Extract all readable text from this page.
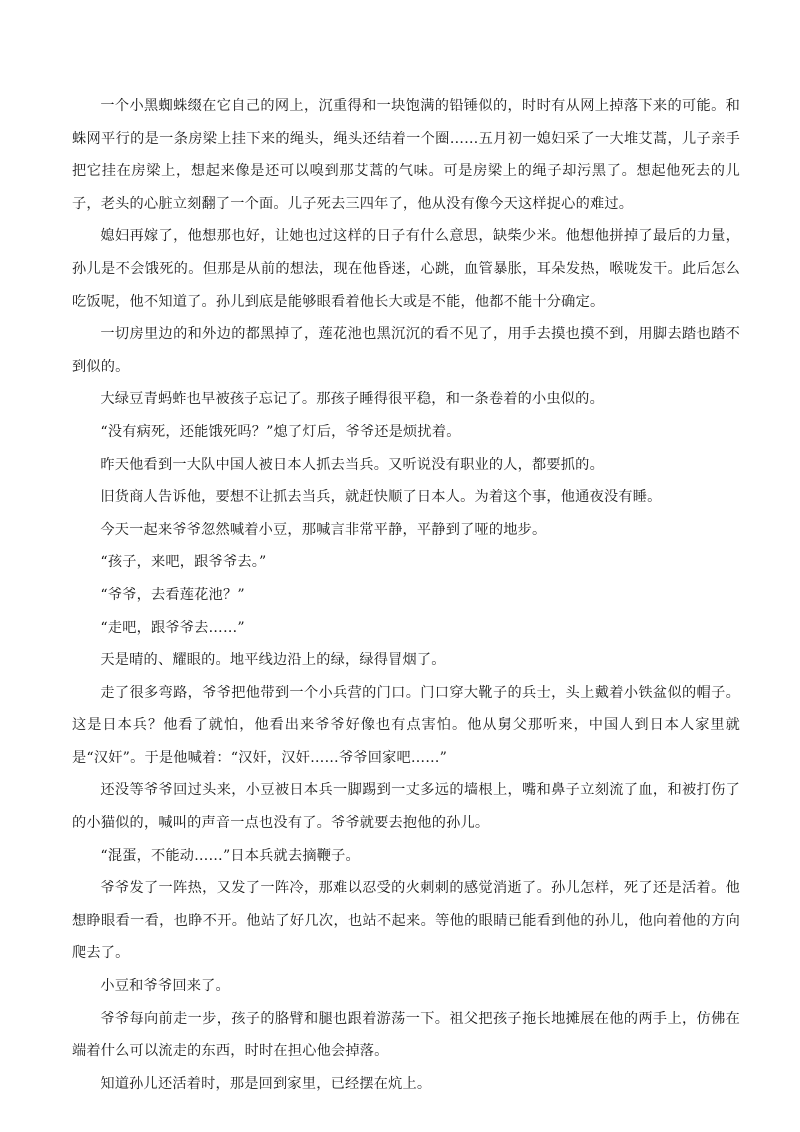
一个小黑蜘蛛缀在它自己的网上，沉重得和一块饱满的铅锤似的，时时有从网上掉落下来的可能。和蛛网平行的是一条房梁上挂下来的绳头，绳头还结着一个圈……五月初一媳妇采了一大堆艾蒿，儿子亲手把它挂在房梁上，想起来像是还可以嗅到那艾蒿的气味。可是房梁上的绳子却污黑了。想起他死去的儿子，老头的心脏立刻翻了一个面。儿子死去三四年了，他从没有像今天这样捉心的难过。

媳妇再嫁了，他想那也好，让她也过这样的日子有什么意思，缺柴少米。他想他拼掉了最后的力量，孙儿是不会饿死的。但那是从前的想法，现在他昏迷，心跳，血管暴胀，耳朵发热，喉咙发干。此后怎么吃饭呢，他不知道了。孙儿到底是能够眼看着他长大或是不能，他都不能十分确定。

一切房里边的和外边的都黑掉了，莲花池也黑沉沉的看不见了，用手去摸也摸不到，用脚去踏也踏不到似的。

大绿豆青蚂蚱也早被孩子忘记了。那孩子睡得很平稳，和一条卷着的小虫似的。

“没有病死，还能饿死吗？”熄了灯后，爷爷还是烦扰着。

昨天他看到一大队中国人被日本人抓去当兵。又听说没有职业的人，都要抓的。

旧货商人告诉他，要想不让抓去当兵，就赶快顺了日本人。为着这个事，他通夜没有睡。

今天一起来爷爷忽然喊着小豆，那喊言非常平静，平静到了哑的地步。

“孩子，来吧，跟爷爷去。”

“爷爷，去看莲花池？”

“走吧，跟爷爷去……”

天是晴的、耀眼的。地平线边沿上的绿，绿得冒烟了。

走了很多弯路，爷爷把他带到一个小兵营的门口。门口穿大靴子的兵士，头上戴着小铁盆似的帽子。这是日本兵？他看了就怕，他看出来爷爷好像也有点害怕。他从舅父那听来，中国人到日本人家里就是“汉奸”。于是他喊着：“汉奸，汉奸……爷爷回家吧……”

还没等爷爷回过头来，小豆被日本兵一脚踢到一丈多远的墙根上，嘴和鼻子立刻流了血，和被打伤了的小猫似的，喊叫的声音一点也没有了。爷爷就要去抱他的孙儿。

“混蛋，不能动……”日本兵就去摘鞭子。

爷爷发了一阵热，又发了一阵冷，那难以忍受的火刺刺的感觉消逝了。孙儿怎样，死了还是活着。他想睁眼看一看，也睁不开。他站了好几次，也站不起来。等他的眼睛已能看到他的孙儿，他向着他的方向爬去了。

小豆和爷爷回来了。

爷爷每向前走一步，孩子的胳臂和腿也跟着游荡一下。祖父把孩子拖长地摊展在他的两手上，仿佛在端着什么可以流走的东西，时时在担心他会掉落。

知道孙儿还活着时，那是回到家里，已经摆在炕上。
